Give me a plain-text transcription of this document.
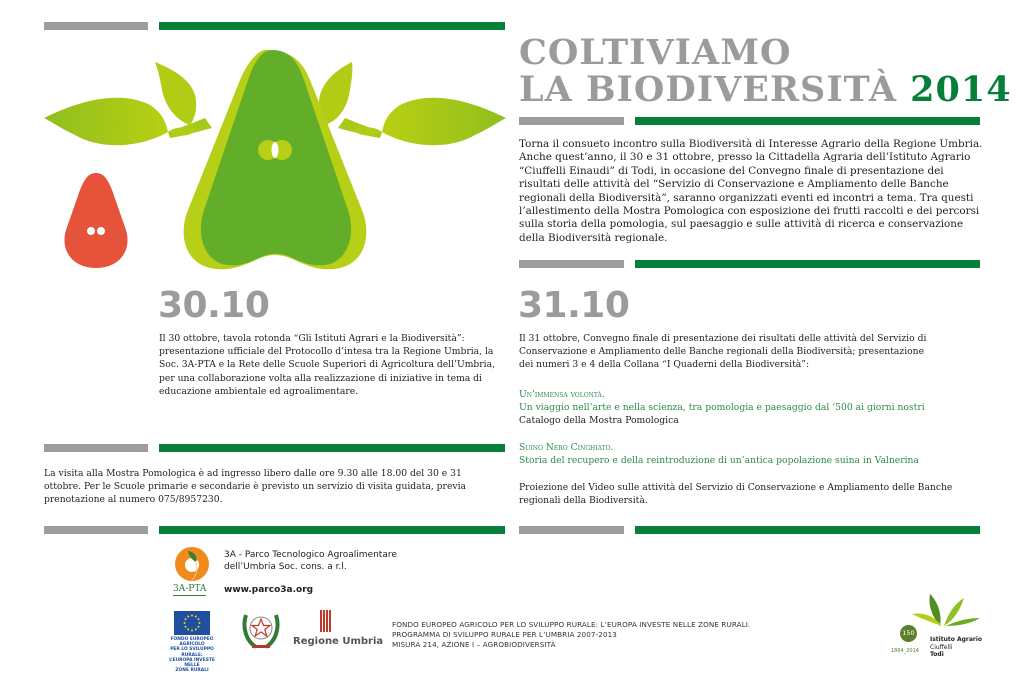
COLTIVIAMO
LA BIODIVERSITÀ 2014
Torna il consueto incontro sulla Biodiversità di Interesse Agrario della Regione Umbria. Anche quest’anno, il 30 e 31 ottobre, presso la Cittadella Agraria dell’Istituto Agrario “Ciuffelli Einaudi” di Todi, in occasione del Convegno finale di presentazione dei risultati delle attività del “Servizio di Conservazione e Ampliamento delle Banche regionali della Biodiversità”, saranno organizzati eventi ed incontri a tema. Tra questi l’allestimento della Mostra Pomologica con esposizione dei frutti raccolti e dei percorsi sulla storia della pomologia, sul paesaggio e sulle attività di ricerca e conservazione della Biodiversità regionale.
30.10
Il 30 ottobre, tavola rotonda “Gli Istituti Agrari e la Biodiversità”: presentazione ufficiale del Protocollo d’intesa tra la Regione Umbria, la Soc. 3A-PTA e la Rete delle Scuole Superiori di Agricoltura dell’Umbria, per una collaborazione volta alla realizzazione di iniziative in tema di educazione ambientale ed agroalimentare.
31.10
Il 31 ottobre, Convegno finale di presentazione dei risultati delle attività del Servizio di Conservazione e Ampliamento delle Banche regionali della Biodiversità; presentazione dei numeri 3 e 4 della Collana “I Quaderni della Biodiversità”:
Un’immensa volontà.
Un viaggio nell’arte e nella scienza, tra pomologia e paesaggio dal ‘500 ai giorni nostri
Catalogo della Mostra Pomologica
Suino Nero Cinghiato.
Storia del recupero e della reintroduzione di un’antica popolazione suina in Valnerina
Proiezione del Video sulle attività del Servizio di Conservazione e Ampliamento delle Banche regionali della Biodiversità.
La visita alla Mostra Pomologica è ad ingresso libero dalle ore 9.30 alle 18.00 del 30 e 31 ottobre. Per le Scuole primarie e secondarie è previsto un servizio di visita guidata, previa prenotazione al numero 075/8957230.
3A-PTA
3A - Parco Tecnologico Agroalimentare
dell’Umbria Soc. cons. a r.l.
www.parco3a.org
FONDO EUROPEO AGRICOLO
PER LO SVILUPPO RURALE:
L’EUROPA INVESTE NELLE
ZONE RURALI
Regione Umbria
FONDO EUROPEO AGRICOLO PER LO SVILUPPO RURALE: L’EUROPA INVESTE NELLE ZONE RURALI.
PROGRAMMA DI SVILUPPO RURALE PER L’UMBRIA 2007-2013
MISURA 214, AZIONE I – AGROBIODIVERSITÀ
150
1864_2014
Istituto Agrario
Ciuffelli
Todi
